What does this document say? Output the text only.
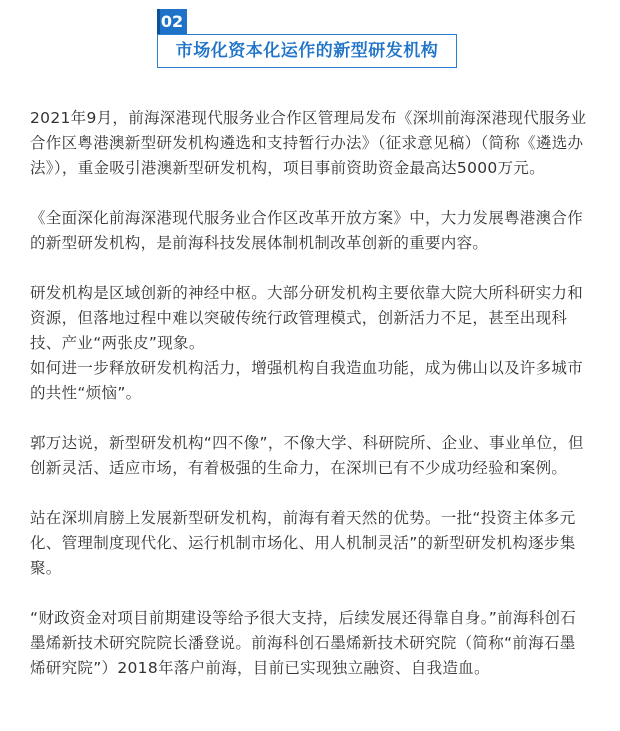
02
市场化资本化运作的新型研发机构

2021年9月，前海深港现代服务业合作区管理局发布《深圳前海深港现代服务业合作区粤港澳新型研发机构遴选和支持暂行办法》（征求意见稿）（简称《遴选办法》），重金吸引港澳新型研发机构，项目事前资助资金最高达5000万元。

《全面深化前海深港现代服务业合作区改革开放方案》中，大力发展粤港澳合作的新型研发机构，是前海科技发展体制机制改革创新的重要内容。

研发机构是区域创新的神经中枢。大部分研发机构主要依靠大院大所科研实力和资源，但落地过程中难以突破传统行政管理模式，创新活力不足，甚至出现科技、产业“两张皮”现象。

如何进一步释放研发机构活力，增强机构自我造血功能，成为佛山以及许多城市的共性“烦恼”。

郭万达说，新型研发机构“四不像”，不像大学、科研院所、企业、事业单位，但创新灵活、适应市场，有着极强的生命力，在深圳已有不少成功经验和案例。

站在深圳肩膀上发展新型研发机构，前海有着天然的优势。一批“投资主体多元化、管理制度现代化、运行机制市场化、用人机制灵活”的新型研发机构逐步集聚。

“财政资金对项目前期建设等给予很大支持，后续发展还得靠自身。”前海科创石墨烯新技术研究院院长潘登说。前海科创石墨烯新技术研究院（简称“前海石墨烯研究院”）2018年落户前海，目前已实现独立融资、自我造血。
